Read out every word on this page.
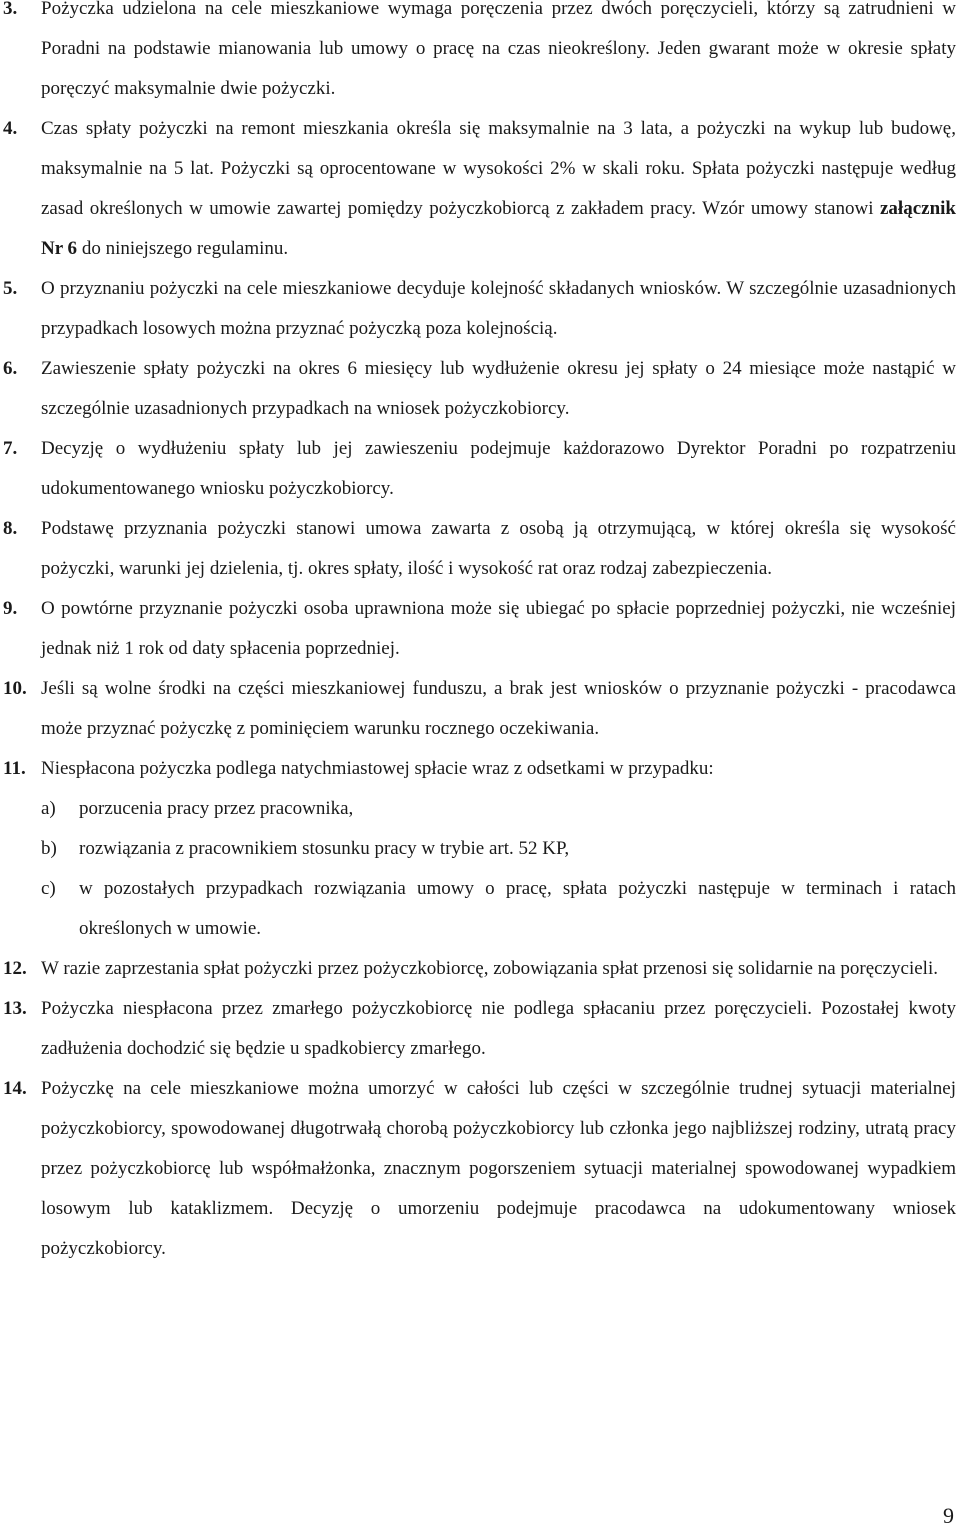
3. Pożyczka udzielona na cele mieszkaniowe wymaga poręczenia przez dwóch poręczycieli, którzy są zatrudnieni w Poradni na podstawie mianowania lub umowy o pracę na czas nieokreślony. Jeden gwarant może w okresie spłaty poręczyć maksymalnie dwie pożyczki.
4. Czas spłaty pożyczki na remont mieszkania określa się maksymalnie na 3 lata, a pożyczki na wykup lub budowę, maksymalnie na 5 lat. Pożyczki są oprocentowane w wysokości 2% w skali roku. Spłata pożyczki następuje według zasad określonych w umowie zawartej pomiędzy pożyczkobiorcą z zakładem pracy. Wzór umowy stanowi załącznik Nr 6 do niniejszego regulaminu.
5. O przyznaniu pożyczki na cele mieszkaniowe decyduje kolejność składanych wniosków. W szczególnie uzasadnionych przypadkach losowych można przyznać pożyczką poza kolejnością.
6. Zawieszenie spłaty pożyczki na okres 6 miesięcy lub wydłużenie okresu jej spłaty o 24 miesiące może nastąpić w szczególnie uzasadnionych przypadkach na wniosek pożyczkobiorcy.
7. Decyzję o wydłużeniu spłaty lub jej zawieszeniu podejmuje każdorazowo Dyrektor Poradni po rozpatrzeniu udokumentowanego wniosku pożyczkobiorcy.
8. Podstawę przyznania pożyczki stanowi umowa zawarta z osobą ją otrzymującą, w której określa się wysokość pożyczki, warunki jej dzielenia, tj. okres spłaty, ilość i wysokość rat oraz rodzaj zabezpieczenia.
9. O powtórne przyznanie pożyczki osoba uprawniona może się ubiegać po spłacie poprzedniej pożyczki, nie wcześniej jednak niż 1 rok od daty spłacenia poprzedniej.
10. Jeśli są wolne środki na części mieszkaniowej funduszu, a brak jest wniosków o przyznanie pożyczki - pracodawca może przyznać pożyczkę z pominięciem warunku rocznego oczekiwania.
11. Niespłacona pożyczka podlega natychmiastowej spłacie wraz z odsetkami w przypadku:
a) porzucenia pracy przez pracownika,
b) rozwiązania z pracownikiem stosunku pracy w trybie art. 52 KP,
c) w pozostałych przypadkach rozwiązania umowy o pracę, spłata pożyczki następuje w terminach i ratach określonych w umowie.
12. W razie zaprzestania spłat pożyczki przez pożyczkobiorcę, zobowiązania spłat przenosi się solidarnie na poręczycieli.
13. Pożyczka niespłacona przez zmarłego pożyczkobiorcę nie podlega spłacaniu przez poręczycieli. Pozostałej kwoty zadłużenia dochodzić się będzie u spadkobiercy zmarłego.
14. Pożyczkę na cele mieszkaniowe można umorzyć w całości lub części w szczególnie trudnej sytuacji materialnej pożyczkobiorcy, spowodowanej długotrwałą chorobą pożyczkobiorcy lub członka jego najbliższej rodziny, utratą pracy przez pożyczkobiorcę lub współmałżonka, znacznym pogorszeniem sytuacji materialnej spowodowanej wypadkiem losowym lub kataklizmem. Decyzję o umorzeniu podejmuje pracodawca na udokumentowany wniosek pożyczkobiorcy.
9
